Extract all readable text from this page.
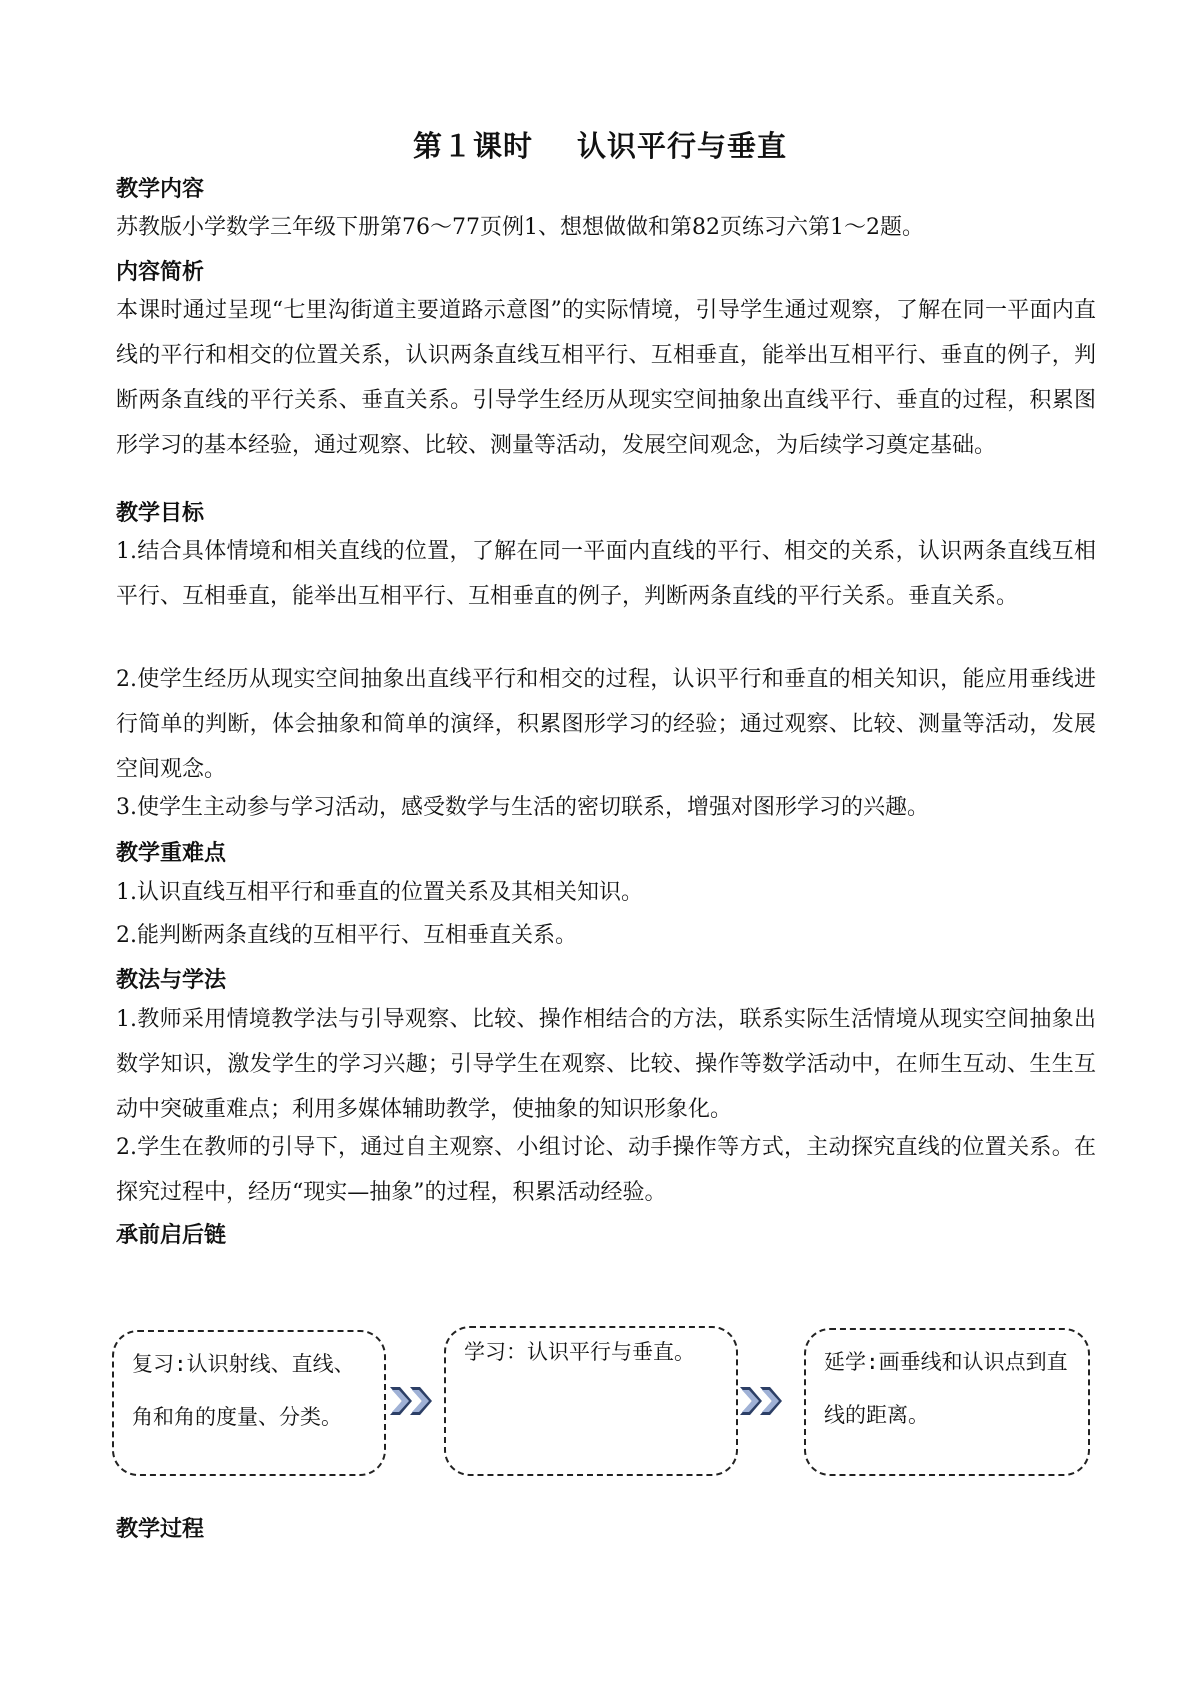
第１课时 认识平行与垂直
教学内容
苏教版小学数学三年级下册第76～77页例1、想想做做和第82页练习六第1～2题。
内容简析
本课时通过呈现“七里沟街道主要道路示意图”的实际情境，引导学生通过观察，了解在同一平面内直线的平行和相交的位置关系，认识两条直线互相平行、互相垂直，能举出互相平行、垂直的例子，判断两条直线的平行关系、垂直关系。引导学生经历从现实空间抽象出直线平行、垂直的过程，积累图形学习的基本经验，通过观察、比较、测量等活动，发展空间观念，为后续学习奠定基础。
教学目标
1.结合具体情境和相关直线的位置，了解在同一平面内直线的平行、相交的关系，认识两条直线互相平行、互相垂直，能举出互相平行、互相垂直的例子，判断两条直线的平行关系。垂直关系。
2.使学生经历从现实空间抽象出直线平行和相交的过程，认识平行和垂直的相关知识，能应用垂线进行简单的判断，体会抽象和简单的演绎，积累图形学习的经验；通过观察、比较、测量等活动，发展空间观念。
3.使学生主动参与学习活动，感受数学与生活的密切联系，增强对图形学习的兴趣。
教学重难点
1.认识直线互相平行和垂直的位置关系及其相关知识。
2.能判断两条直线的互相平行、互相垂直关系。
教法与学法
1.教师采用情境教学法与引导观察、比较、操作相结合的方法，联系实际生活情境从现实空间抽象出数学知识，激发学生的学习兴趣；引导学生在观察、比较、操作等数学活动中，在师生互动、生生互动中突破重难点；利用多媒体辅助教学，使抽象的知识形象化。
2.学生在教师的引导下，通过自主观察、小组讨论、动手操作等方式，主动探究直线的位置关系。在探究过程中，经历“现实—抽象”的过程，积累活动经验。
承前启后链
复习:认识射线、直线、角和角的度量、分类。
学习：认识平行与垂直。	延学:画垂线和认识点到直线的距离。
教学过程
